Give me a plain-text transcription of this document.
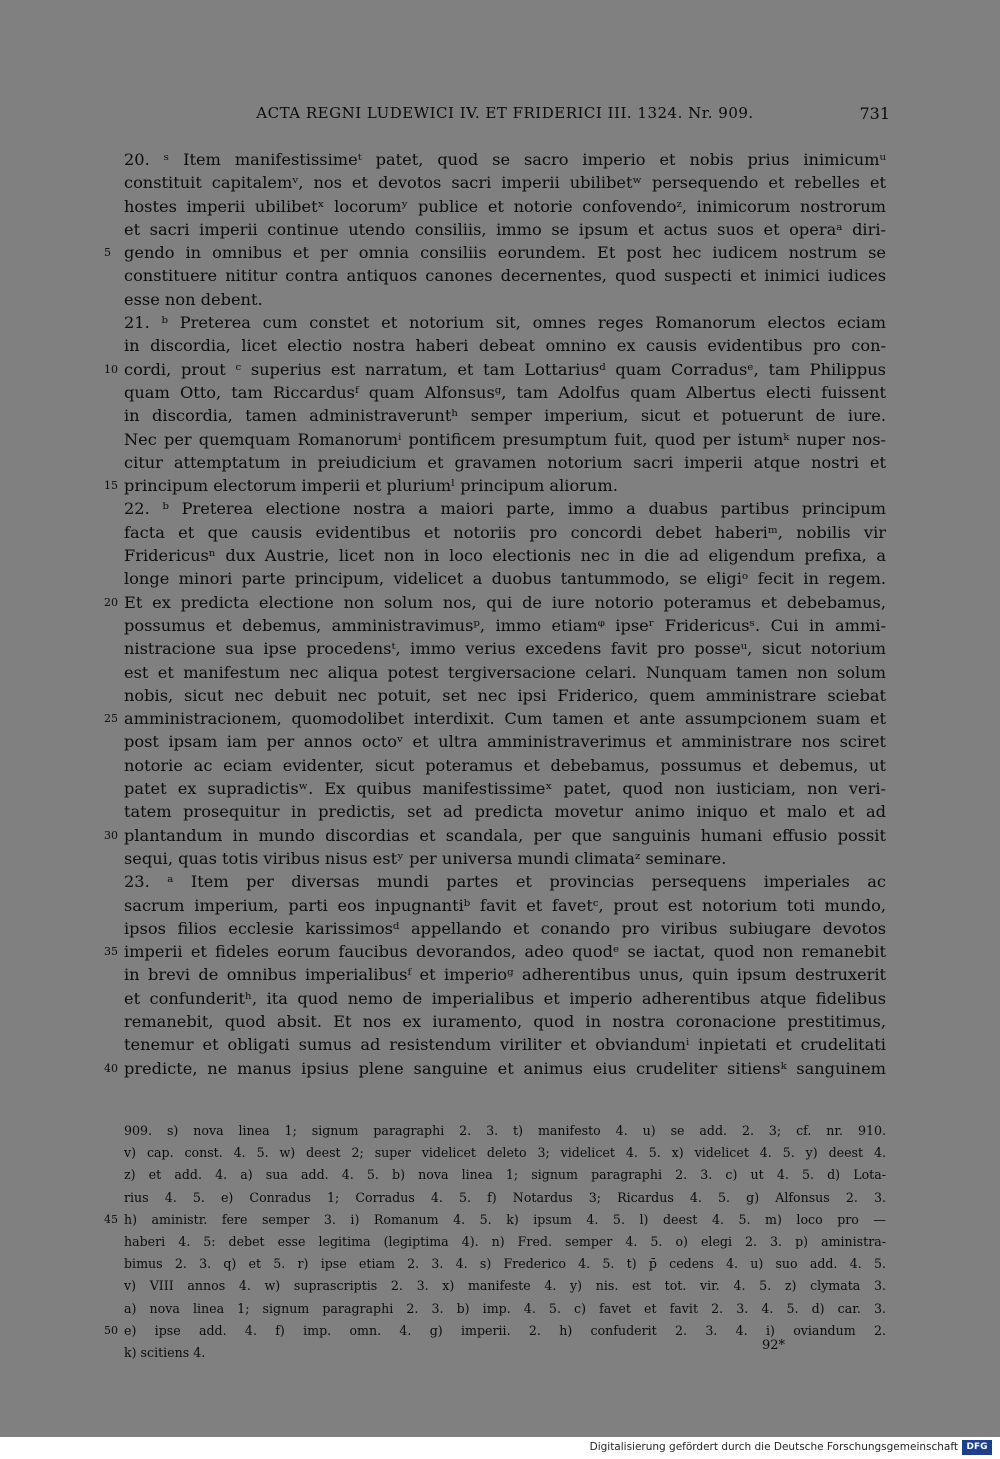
ACTA REGNI LUDEWICI IV. ET FRIDERICI III. 1324. Nr. 909.	731
20. ˢ Item manifestissimeᵗ patet, quod se sacro imperio et nobis prius inimicumᵘ
constituit capitalemᵛ, nos et devotos sacri imperii ubilibetʷ persequendo et rebelles et
hostes imperii ubilibetˣ locorumʸ publice et notorie confovendoᶻ, inimicorum nostrorum
et sacri imperii continue utendo consiliis, immo se ipsum et actus suos et operaᵃ diri-
5 gendo in omnibus et per omnia consiliis eorundem. Et post hec iudicem nostrum se
constituere nititur contra antiquos canones decernentes, quod suspecti et inimici iudices
esse non debent.
21. ᵇ Preterea cum constet et notorium sit, omnes reges Romanorum electos eciam
in discordia, licet electio nostra haberi debeat omnino ex causis evidentibus pro con-
10 cordi, prout ᶜ superius est narratum, et tam Lottariusᵈ quam Corradusᵉ, tam Philippus
quam Otto, tam Riccardusᶠ quam Alfonsusᵍ, tam Adolfus quam Albertus electi fuissent
in discordia, tamen administraveruntʰ semper imperium, sicut et potuerunt de iure.
Nec per quemquam Romanorumⁱ pontificem presumptum fuit, quod per istumᵏ nuper nos-
citur attemptatum in preiudicium et gravamen notorium sacri imperii atque nostri et
15 principum electorum imperii et pluriumˡ principum aliorum.
22. ᵇ Preterea electione nostra a maiori parte, immo a duabus partibus principum
facta et que causis evidentibus et notoriis pro concordi debet haberiᵐ, nobilis vir
Fridericusⁿ dux Austrie, licet non in loco electionis nec in die ad eligendum prefixa, a
longe minori parte principum, videlicet a duobus tantummodo, se eligiᵒ fecit in regem.
20 Et ex predicta electione non solum nos, qui de iure notorio poteramus et debebamus,
possumus et debemus, amministravimusᵖ, immo etiamᵠ ipseʳ Fridericusˢ. Cui in ammi-
nistracione sua ipse procedensᵗ, immo verius excedens favit pro posseᵘ, sicut notorium
est et manifestum nec aliqua potest tergiversacione celari. Nunquam tamen non solum
nobis, sicut nec debuit nec potuit, set nec ipsi Friderico, quem amministrare sciebat
25 amministracionem, quomodolibet interdixit. Cum tamen et ante assumpcionem suam et
post ipsam iam per annos octoᵛ et ultra amministraverimus et amministrare nos sciret
notorie ac eciam evidenter, sicut poteramus et debebamus, possumus et debemus, ut
patet ex supradictisʷ. Ex quibus manifestissimeˣ patet, quod non iusticiam, non veri-
tatem prosequitur in predictis, set ad predicta movetur animo iniquo et malo et ad
30 plantandum in mundo discordias et scandala, per que sanguinis humani effusio possit
sequi, quas totis viribus nisus estʸ per universa mundi climataᶻ seminare.
23. ᵃ Item per diversas mundi partes et provincias persequens imperiales ac
sacrum imperium, parti eos inpugnantiᵇ favit et favetᶜ, prout est notorium toti mundo,
ipsos filios ecclesie karissimosᵈ appellando et conando pro viribus subiugare devotos
35 imperii et fideles eorum faucibus devorandos, adeo quodᵉ se iactat, quod non remanebit
in brevi de omnibus imperialibusᶠ et imperioᵍ adherentibus unus, quin ipsum destruxerit
et confunderitʰ, ita quod nemo de imperialibus et imperio adherentibus atque fidelibus
remanebit, quod absit. Et nos ex iuramento, quod in nostra coronacione prestitimus,
tenemur et obligati sumus ad resistendum viriliter et obviandumⁱ inpietati et crudelitati
40 predicte, ne manus ipsius plene sanguine et animus eius crudeliter sitiensᵏ sanguinem
909. s) nova linea 1; signum paragraphi 2. 3. t) manifesto 4. u) se add. 2. 3; cf. nr. 910.
v) cap. const. 4. 5. w) deest 2; super videlicet deleto 3; videlicet 4. 5. x) videlicet 4. 5. y) deest 4.
z) et add. 4. a) sua add. 4. 5. b) nova linea 1; signum paragraphi 2. 3. c) ut 4. 5. d) Lota-
rius 4. 5. e) Conradus 1; Corradus 4. 5. f) Notardus 3; Ricardus 4. 5. g) Alfonsus 2. 3.
45 h) aministr. fere semper 3. i) Romanum 4. 5. k) ipsum 4. 5. l) deest 4. 5. m) loco pro —
haberi 4. 5: debet esse legitima (legiptima 4). n) Fred. semper 4. 5. o) elegi 2. 3. p) aministra-
bimus 2. 3. q) et 5. r) ipse etiam 2. 3. 4. s) Frederico 4. 5. t) p̄ cedens 4. u) suo add. 4. 5.
v) VIII annos 4. w) suprascriptis 2. 3. x) manifeste 4. y) nis. est tot. vir. 4. 5. z) clymata 3.
a) nova linea 1; signum paragraphi 2. 3. b) imp. 4. 5. c) favet et favit 2. 3. 4. 5. d) car. 3.
50 e) ipse add. 4. f) imp. omn. 4. g) imperii. 2. h) confuderit 2. 3. 4. i) oviandum 2.
k) scitiens 4.	92*
Digitalisierung gefördert durch die Deutsche Forschungsgemeinschaft DFG
